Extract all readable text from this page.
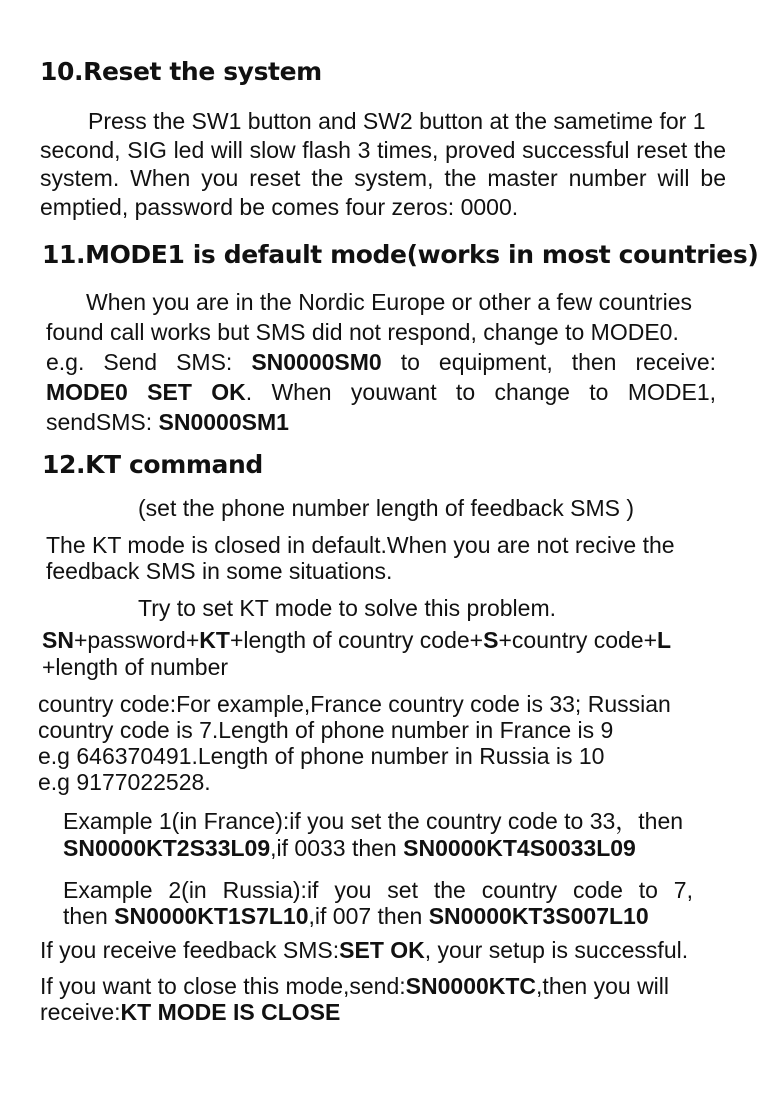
10.Reset the system
Press the SW1 button and SW2 button at the sametime for 1
second, SIG led will slow flash 3 times, proved successful reset the
system. When you reset the system, the master number will be
emptied, password be comes four zeros: 0000.
11.MODE1 is default mode(works in most countries)
When you are in the Nordic Europe or other a few countries
found call works but SMS did not respond, change to MODE0.
e.g. Send SMS: SN0000SM0 to equipment, then receive:
MODE0 SET OK. When youwant to change to MODE1,
sendSMS: SN0000SM1
12.KT command
(set the phone number length of feedback SMS )
The KT mode is closed in default.When you are not recive the
feedback SMS in some situations.
Try to set KT mode to solve this problem.
SN+password+KT+length of country code+S+country code+L
+length of number
country code:For example,France country code is 33; Russian
country code is 7.Length of phone number in France is 9
e.g 646370491.Length of phone number in Russia is 10
e.g 9177022528.
Example 1(in France):if you set the country code to 33，then
SN0000KT2S33L09,if 0033 then SN0000KT4S0033L09
Example 2(in Russia):if you set the country code to 7,
then SN0000KT1S7L10,if 007 then SN0000KT3S007L10
If you receive feedback SMS:SET OK, your setup is successful.
If you want to close this mode,send:SN0000KTC,then you will
receive:KT MODE IS CLOSE
